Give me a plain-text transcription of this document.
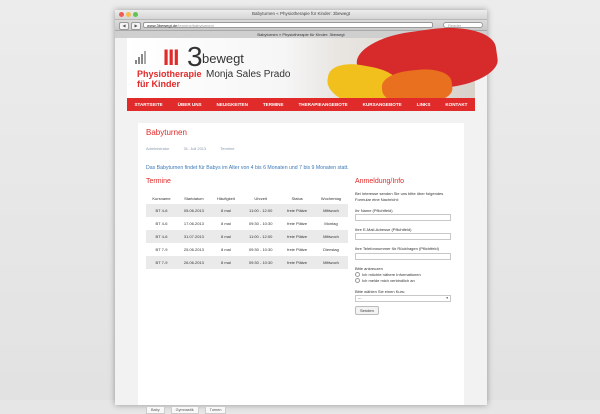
Babyturnen « Physiotherapie für Kinder: 3bewegt
◀	▶	www.3bewegt.de/termine/babyturnen/	Reader
Babyturnen « Physiotherapie für Kinder: 3bewegt
III 3 bewegt
Physiotherapie für Kinder
Monja Sales Prado
STARTSEITE	ÜBER UNS	NEUIGKEITEN	TERMINE	THERAPIEANGEBOTE	KURSANGEBOTE	LINKS	KONTAKT
Babyturnen
Administrator	31. Juli 2013	Termine
Das Babyturnen findet für Babys im Alter von 4 bis 6 Monaten und 7 bis 9 Monaten statt.
Termine
Kursname	Startdatum	Häufigkeit	Uhrzeit	Status	Wochentag
BT 4-6	05.06.2013	8 mal	11:00 - 12:00	freie Plätze	Mittwoch
BT 4-6	17.06.2013	8 mal	09:30 - 10:30	freie Plätze	Montag
BT 4-6	31.07.2013	8 mal	11:00 - 12:00	freie Plätze	Mittwoch
BT 7-9	25.06.2013	8 mal	09:30 - 10:30	freie Plätze	Dienstag
BT 7-9	26.06.2013	8 mal	09:30 - 10:30	freie Plätze	Mittwoch
Anmeldung/Info
Bei Interesse senden Sie uns bitte über folgendes Formular eine Nachricht:
Ihr Name (Pflichtfeld)
Ihre E-Mail-Adresse (Pflichtfeld)
Ihre Telefonnummer für Rückfragen (Pflichtfeld)
Bitte ankreuzen
Ich möchte nähere Informationen
Ich melde mich verbindlich an
Bitte wählen Sie einen Kurs:
---	▾
Senden
Baby	Gymnastik	Turnen
